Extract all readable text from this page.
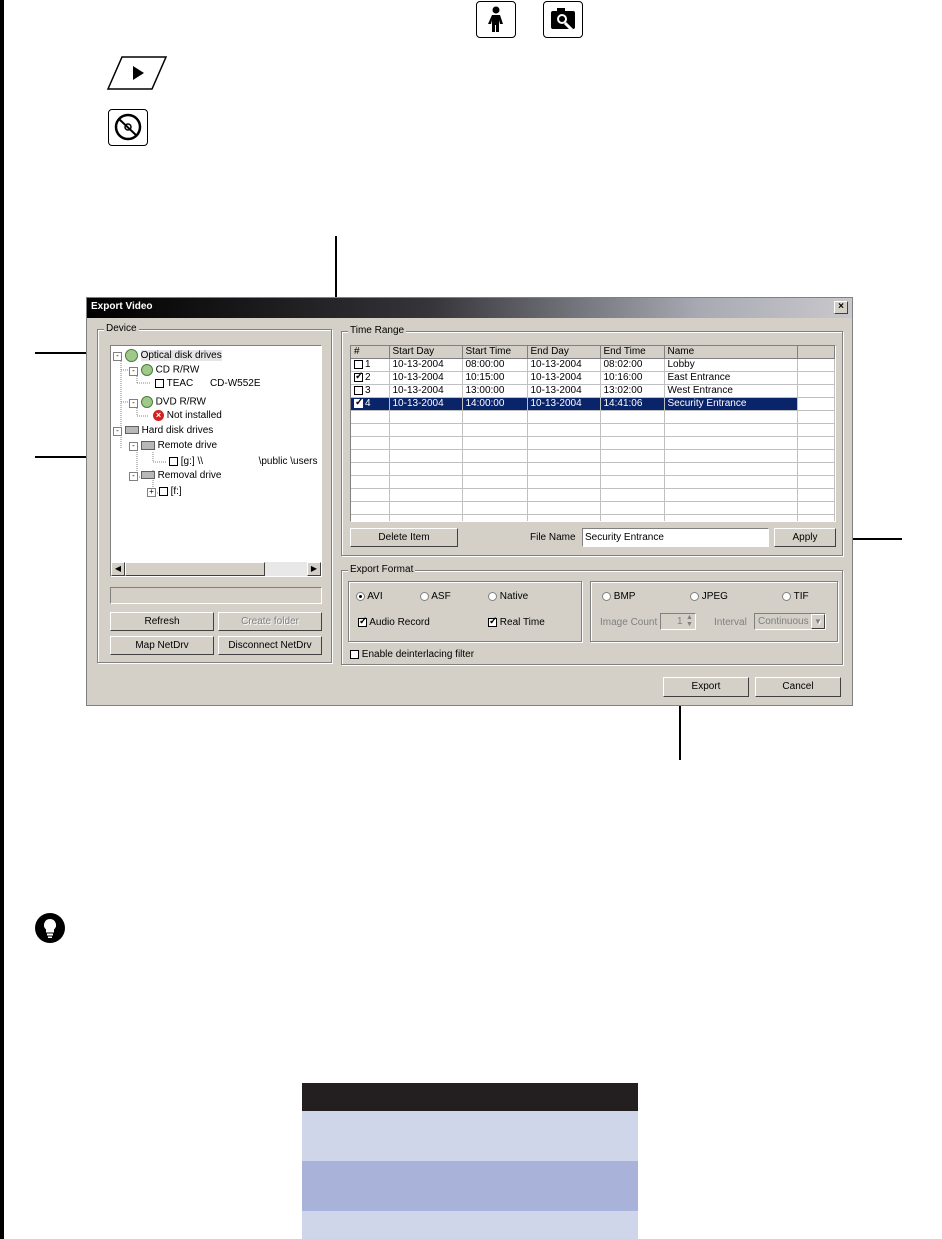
Export Video	×
Device
- Optical disk drives
- CD R/RW
TEAC      CD-W552E
- DVD R/RW
× Not installed
- Hard disk drives
- Remote drive
[g:] \\                    \public \users
- Removal drive
+ [f:]
◀	▶
Refresh	Create folder
Map NetDrv	Disconnect NetDrv
Time Range
#	Start Day	Start Time	End Day	End Time	Name	
1	10-13-2004	08:00:00	10-13-2004	08:02:00	Lobby	
✓2	10-13-2004	10:15:00	10-13-2004	10:16:00	East Entrance	
3	10-13-2004	13:00:00	10-13-2004	13:02:00	West Entrance	
✓4	10-13-2004	14:00:00	10-13-2004	14:41:06	Security Entrance	

Delete Item	File Name
Security Entrance	Apply
Export Format
AVI	ASF	Native
✓ Audio Record ✓	Real Time
BMP	JPEG	TIF
Image Count 1 ▲
▼ Interval Continuous ▼
Enable deinterlacing filter
Export	Cancel
